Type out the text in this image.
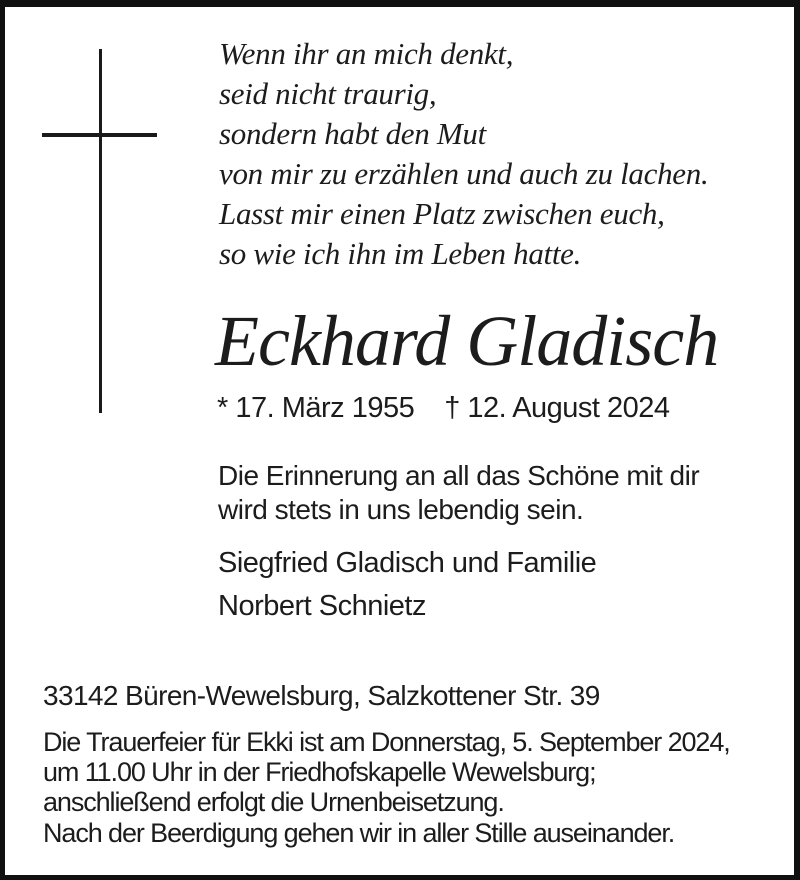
Wenn ihr an mich denkt,
seid nicht traurig,
sondern habt den Mut
von mir zu erzählen und auch zu lachen.
Lasst mir einen Platz zwischen euch,
so wie ich ihn im Leben hatte.
Eckhard Gladisch
* 17. März 1955 † 12. August 2024
Die Erinnerung an all das Schöne mit dir
wird stets in uns lebendig sein.
Siegfried Gladisch und Familie
Norbert Schnietz
33142 Büren-Wewelsburg, Salzkottener Str. 39
Die Trauerfeier für Ekki ist am Donnerstag, 5. September 2024,
um 11.00 Uhr in der Friedhofskapelle Wewelsburg;
anschließend erfolgt die Urnenbeisetzung.
Nach der Beerdigung gehen wir in aller Stille auseinander.
